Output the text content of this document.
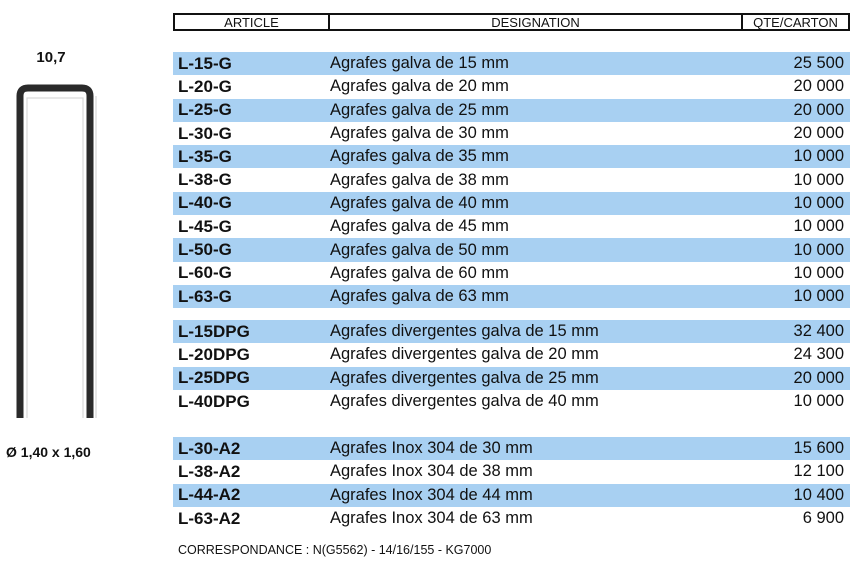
10,7
Ø 1,40 x 1,60
ARTICLE	DESIGNATION	QTE/CARTON
L-15-G	Agrafes galva de 15 mm	25 500
L-20-G	Agrafes galva de 20 mm	20 000
L-25-G	Agrafes galva de 25 mm	20 000
L-30-G	Agrafes galva de 30 mm	20 000
L-35-G	Agrafes galva de 35 mm	10 000
L-38-G	Agrafes galva de 38 mm	10 000
L-40-G	Agrafes galva de 40 mm	10 000
L-45-G	Agrafes galva de 45 mm	10 000
L-50-G	Agrafes galva de 50 mm	10 000
L-60-G	Agrafes galva de 60 mm	10 000
L-63-G	Agrafes galva de 63 mm	10 000
L-15DPG	Agrafes divergentes galva de 15 mm	32 400
L-20DPG	Agrafes divergentes galva de 20 mm	24 300
L-25DPG	Agrafes divergentes galva de 25 mm	20 000
L-40DPG	Agrafes divergentes galva de 40 mm	10 000
L-30-A2	Agrafes Inox 304 de 30 mm	15 600
L-38-A2	Agrafes Inox 304 de 38 mm	12 100
L-44-A2	Agrafes Inox 304 de 44 mm	10 400
L-63-A2	Agrafes Inox 304 de 63 mm	6 900
CORRESPONDANCE : N(G5562) - 14/16/155 - KG7000
